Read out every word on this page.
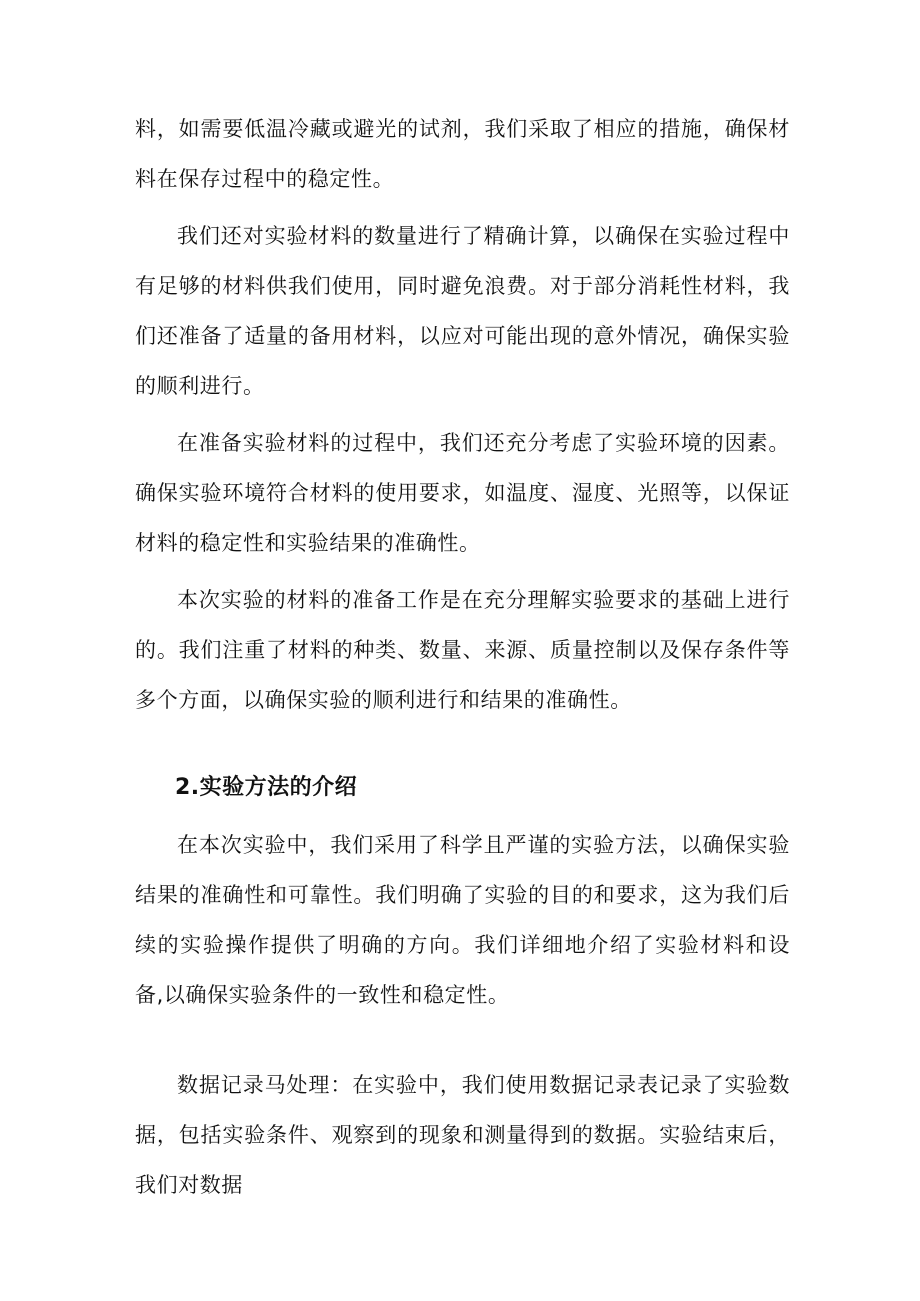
料，如需要低温冷藏或避光的试剂，我们采取了相应的措施，确保材料在保存过程中的稳定性。

我们还对实验材料的数量进行了精确计算，以确保在实验过程中有足够的材料供我们使用，同时避免浪费。对于部分消耗性材料，我们还准备了适量的备用材料，以应对可能出现的意外情况，确保实验的顺利进行。

在准备实验材料的过程中，我们还充分考虑了实验环境的因素。确保实验环境符合材料的使用要求，如温度、湿度、光照等，以保证材料的稳定性和实验结果的准确性。

本次实验的材料的准备工作是在充分理解实验要求的基础上进行的。我们注重了材料的种类、数量、来源、质量控制以及保存条件等多个方面，以确保实验的顺利进行和结果的准确性。

2.实验方法的介绍

在本次实验中，我们采用了科学且严谨的实验方法，以确保实验结果的准确性和可靠性。我们明确了实验的目的和要求，这为我们后续的实验操作提供了明确的方向。我们详细地介绍了实验材料和设备,以确保实验条件的一致性和稳定性。

数据记录马处理：在实验中，我们使用数据记录表记录了实验数据，包括实验条件、观察到的现象和测量得到的数据。实验结束后，我们对数据
